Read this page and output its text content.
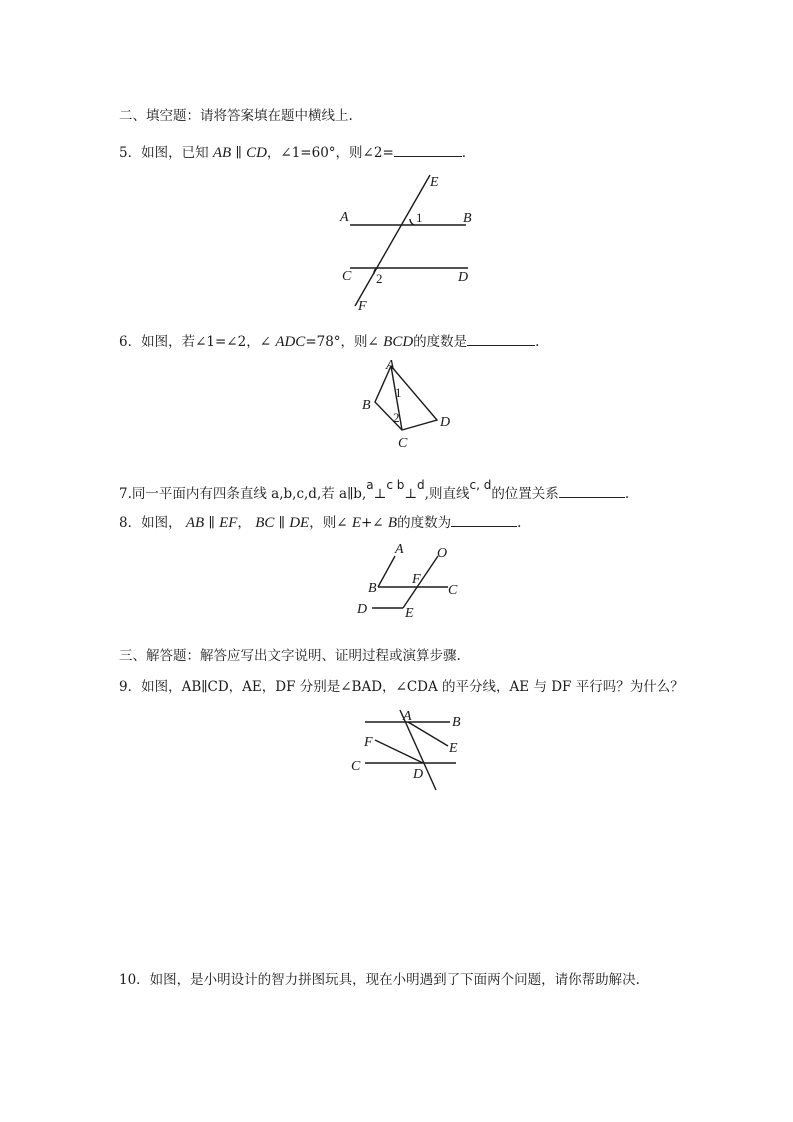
二、填空题：请将答案填在题中横线上.
5．如图，已知 AB ∥ CD，∠1=60°，则∠2=	.
E
A	1	B
C 2	D
F
6．如图，若∠1=∠2，∠ ADC=78°，则∠ BCD的度数是	.
A
1
B
2	D
C
7.同一平面内有四条直线 a,b,c,d,若 a∥b,a⊥c b⊥d,则直线c, d的位置关系	.
8．如图， AB ∥ EF， BC ∥ DE，则∠ E+∠ B的度数为	.
A O
F
B	C
D	E
三、解答题：解答应写出文字说明、证明过程或演算步骤.
9．如图，AB∥CD，AE，DF 分别是∠BAD，∠CDA 的平分线，AE 与 DF 平行吗？为什么？
A	B
F	E
C
D
10．如图，是小明设计的智力拼图玩具，现在小明遇到了下面两个问题，请你帮助解决.
